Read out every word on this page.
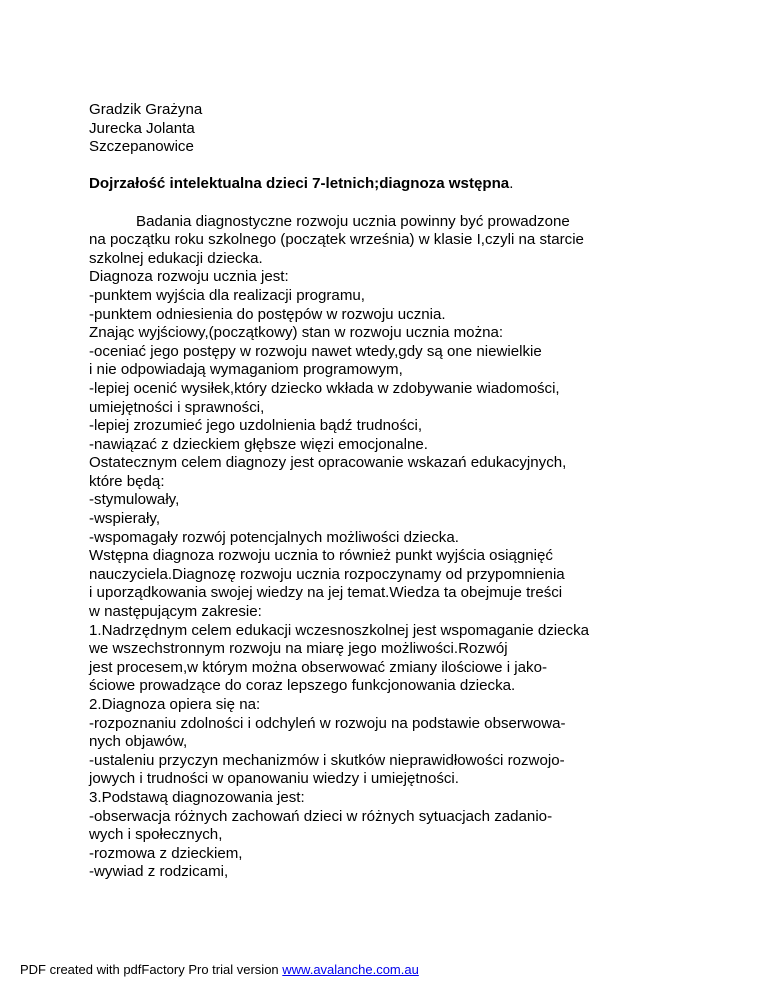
Gradzik Grażyna
Jurecka Jolanta
Szczepanowice
Dojrzałość intelektualna dzieci 7-letnich;diagnoza wstępna.
Badania diagnostyczne rozwoju ucznia powinny być prowadzone
na początku roku szkolnego (początek września) w klasie I,czyli na starcie
szkolnej edukacji dziecka.
Diagnoza rozwoju ucznia jest:
-punktem wyjścia dla realizacji programu,
-punktem odniesienia do postępów w rozwoju ucznia.
Znając wyjściowy,(początkowy) stan w rozwoju ucznia można:
-oceniać jego postępy w rozwoju nawet wtedy,gdy są one niewielkie
i nie odpowiadają wymaganiom programowym,
-lepiej ocenić wysiłek,który dziecko wkłada w zdobywanie wiadomości,
umiejętności i sprawności,
-lepiej zrozumieć jego uzdolnienia bądź trudności,
-nawiązać z dzieckiem głębsze więzi emocjonalne.
Ostatecznym celem diagnozy jest opracowanie wskazań edukacyjnych,
które będą:
-stymulowały,
-wspierały,
-wspomagały rozwój potencjalnych możliwości dziecka.
Wstępna diagnoza rozwoju ucznia to również punkt wyjścia osiągnięć
nauczyciela.Diagnozę rozwoju ucznia rozpoczynamy od przypomnienia
i uporządkowania swojej wiedzy na jej temat.Wiedza ta obejmuje treści
w następującym zakresie:
1.Nadrzędnym celem edukacji wczesnoszkolnej jest wspomaganie dziecka
we wszechstronnym rozwoju na miarę jego możliwości.Rozwój
jest procesem,w którym można obserwować zmiany ilościowe i jako-
ściowe prowadzące do coraz lepszego funkcjonowania dziecka.
2.Diagnoza opiera się na:
-rozpoznaniu zdolności i odchyleń w rozwoju na podstawie obserwowa-
nych objawów,
-ustaleniu przyczyn mechanizmów i skutków nieprawidłowości rozwojo-
jowych i trudności w opanowaniu wiedzy i umiejętności.
3.Podstawą diagnozowania jest:
-obserwacja różnych zachowań dzieci w różnych sytuacjach zadanio-
wych i społecznych,
-rozmowa z dzieckiem,
-wywiad z rodzicami,
PDF created with pdfFactory Pro trial version www.avalanche.com.au
